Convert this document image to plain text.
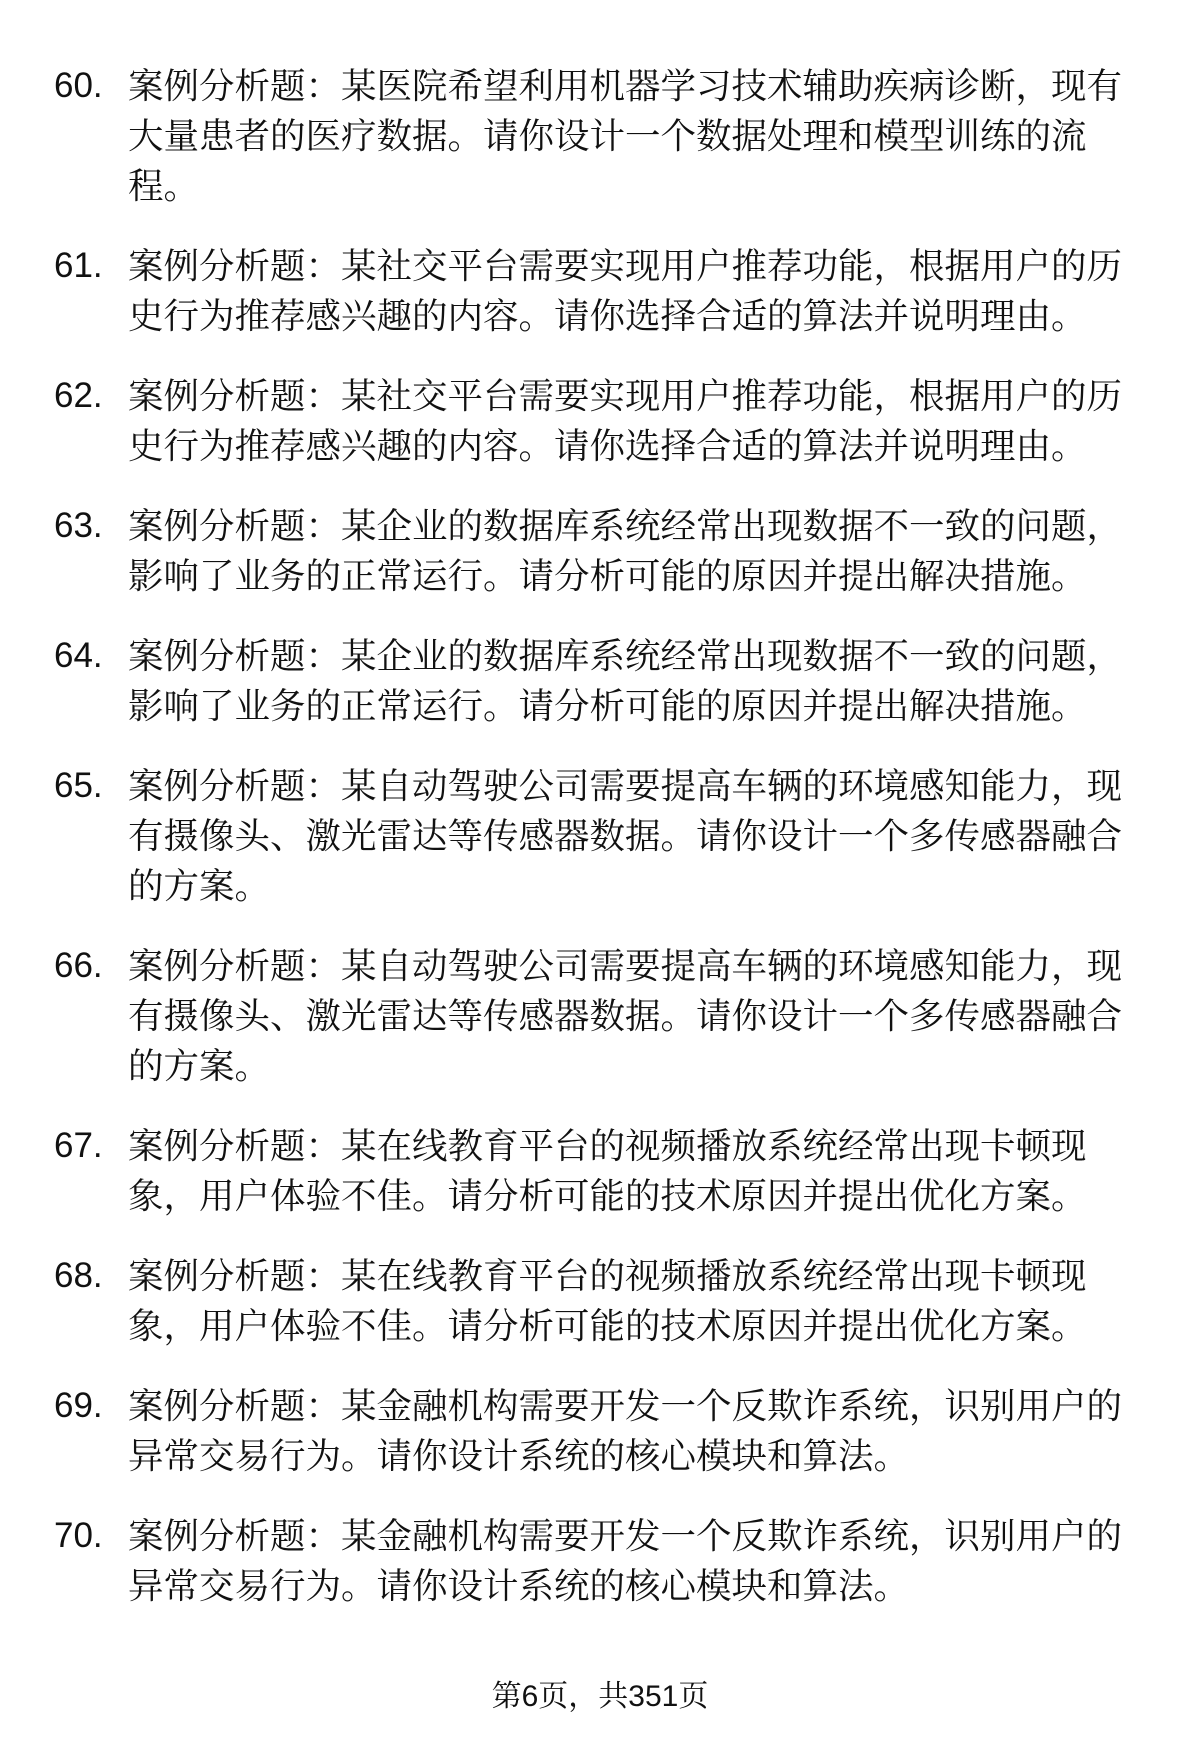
60. 案例分析题：某医院希望利用机器学习技术辅助疾病诊断，现有大量患者的医疗数据。请你设计一个数据处理和模型训练的流程。
61. 案例分析题：某社交平台需要实现用户推荐功能，根据用户的历史行为推荐感兴趣的内容。请你选择合适的算法并说明理由。
62. 案例分析题：某社交平台需要实现用户推荐功能，根据用户的历史行为推荐感兴趣的内容。请你选择合适的算法并说明理由。
63. 案例分析题：某企业的数据库系统经常出现数据不一致的问题，影响了业务的正常运行。请分析可能的原因并提出解决措施。
64. 案例分析题：某企业的数据库系统经常出现数据不一致的问题，影响了业务的正常运行。请分析可能的原因并提出解决措施。
65. 案例分析题：某自动驾驶公司需要提高车辆的环境感知能力，现有摄像头、激光雷达等传感器数据。请你设计一个多传感器融合的方案。
66. 案例分析题：某自动驾驶公司需要提高车辆的环境感知能力，现有摄像头、激光雷达等传感器数据。请你设计一个多传感器融合的方案。
67. 案例分析题：某在线教育平台的视频播放系统经常出现卡顿现象，用户体验不佳。请分析可能的技术原因并提出优化方案。
68. 案例分析题：某在线教育平台的视频播放系统经常出现卡顿现象，用户体验不佳。请分析可能的技术原因并提出优化方案。
69. 案例分析题：某金融机构需要开发一个反欺诈系统，识别用户的异常交易行为。请你设计系统的核心模块和算法。
70. 案例分析题：某金融机构需要开发一个反欺诈系统，识别用户的异常交易行为。请你设计系统的核心模块和算法。
第6页，共351页
